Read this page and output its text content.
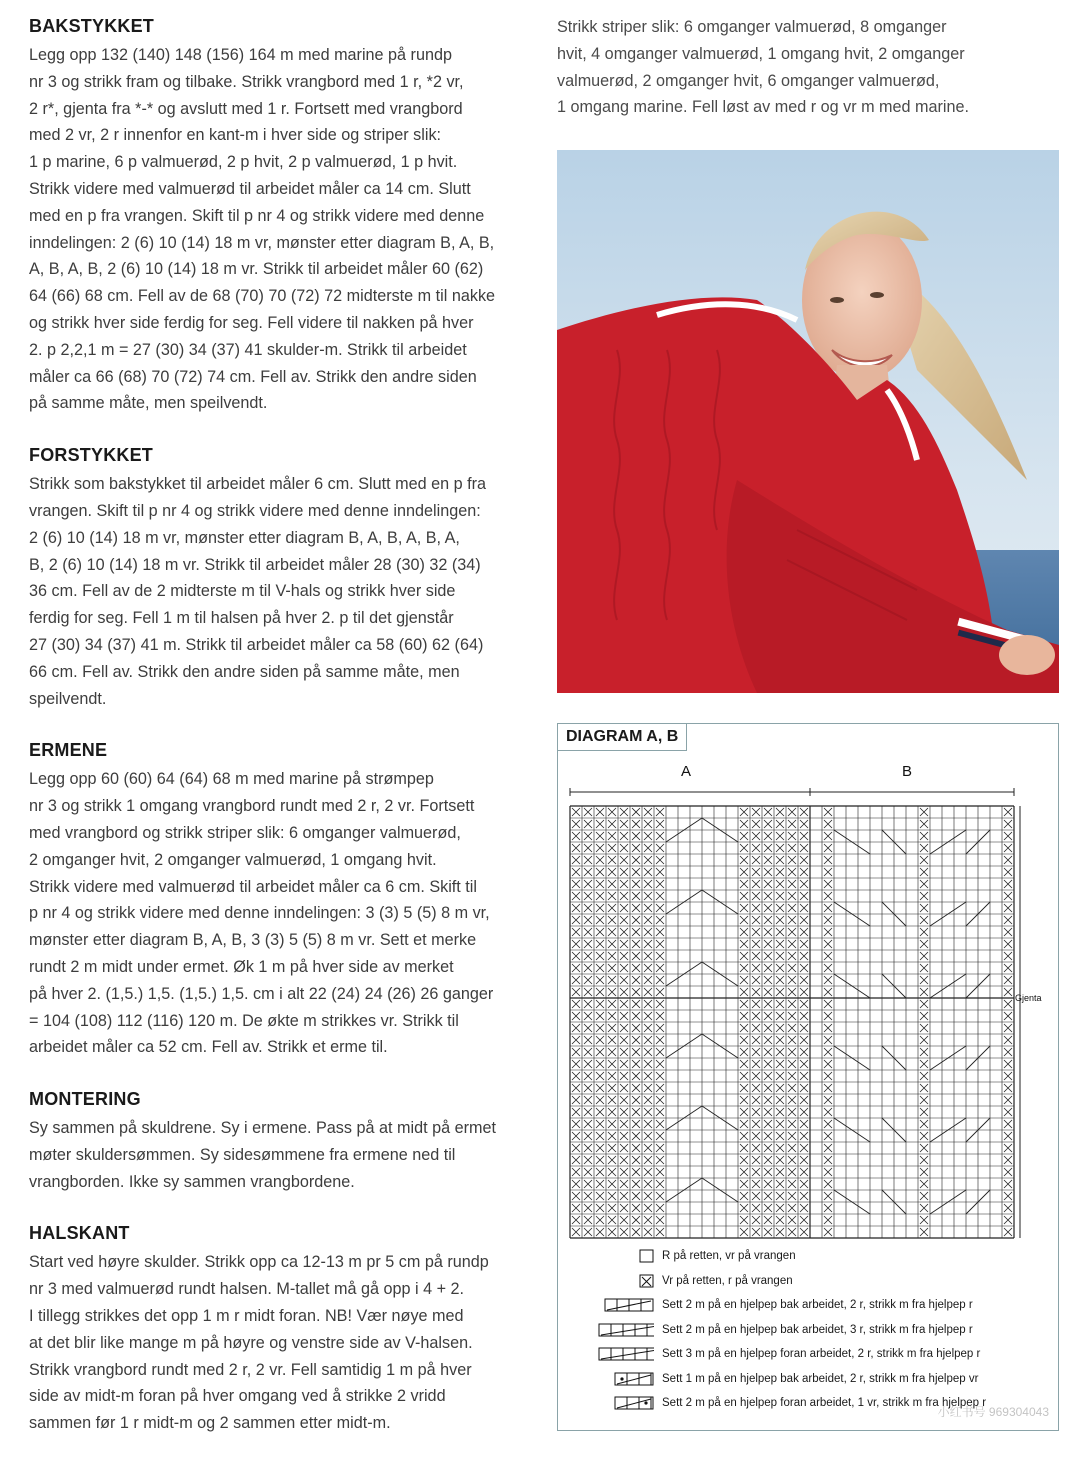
BAKSTYKKET
Legg opp 132 (140) 148 (156) 164 m med marine på rundp
nr 3 og strikk fram og tilbake. Strikk vrangbord med 1 r, *2 vr,
2 r*, gjenta fra *-* og avslutt med 1 r. Fortsett med vrangbord
med 2 vr, 2 r innenfor en kant-m i hver side og striper slik:
1 p marine, 6 p valmuerød, 2 p hvit, 2 p valmuerød, 1 p hvit.
Strikk videre med valmuerød til arbeidet måler ca 14 cm. Slutt
med en p fra vrangen. Skift til p nr 4 og strikk videre med denne
inndelingen: 2 (6) 10 (14) 18 m vr, mønster etter diagram B, A, B,
A, B, A, B, 2 (6) 10 (14) 18 m vr. Strikk til arbeidet måler 60 (62)
64 (66) 68 cm. Fell av de 68 (70) 70 (72) 72 midterste m til nakke
og strikk hver side ferdig for seg. Fell videre til nakken på hver
2. p 2,2,1 m = 27 (30) 34 (37) 41 skulder-m. Strikk til arbeidet
måler ca 66 (68) 70 (72) 74 cm. Fell av. Strikk den andre siden
på samme måte, men speilvendt.
FORSTYKKET
Strikk som bakstykket til arbeidet måler 6 cm. Slutt med en p fra
vrangen. Skift til p nr 4 og strikk videre med denne inndelingen:
2 (6) 10 (14) 18 m vr, mønster etter diagram B, A, B, A, B, A,
B, 2 (6) 10 (14) 18 m vr. Strikk til arbeidet måler 28 (30) 32 (34)
36 cm. Fell av de 2 midterste m til V-hals og strikk hver side
ferdig for seg. Fell 1 m til halsen på hver 2. p til det gjenstår
27 (30) 34 (37) 41 m. Strikk til arbeidet måler ca 58 (60) 62 (64)
66 cm. Fell av. Strikk den andre siden på samme måte, men
speilvendt.
ERMENE
Legg opp 60 (60) 64 (64) 68 m med marine på strømpep
nr 3 og strikk 1 omgang vrangbord rundt med 2 r, 2 vr. Fortsett
med vrangbord og strikk striper slik: 6 omganger valmuerød,
2 omganger hvit, 2 omganger valmuerød, 1 omgang hvit.
Strikk videre med valmuerød til arbeidet måler ca 6 cm. Skift til
p nr 4 og strikk videre med denne inndelingen: 3 (3) 5 (5) 8 m vr,
mønster etter diagram B, A, B, 3 (3) 5 (5) 8 m vr. Sett et merke
rundt 2 m midt under ermet. Øk 1 m på hver side av merket
på hver 2. (1,5.) 1,5. (1,5.) 1,5. cm i alt 22 (24) 24 (26) 26 ganger
= 104 (108) 112 (116) 120 m. De økte m strikkes vr. Strikk til
arbeidet måler ca 52 cm. Fell av. Strikk et erme til.
MONTERING
Sy sammen på skuldrene. Sy i ermene. Pass på at midt på ermet
møter skuldersømmen. Sy sidesømmene fra ermene ned til
vrangborden. Ikke sy sammen vrangbordene.
HALSKANT
Start ved høyre skulder. Strikk opp ca 12-13 m pr 5 cm på rundp
nr 3 med valmuerød rundt halsen. M-tallet må gå opp i 4 + 2.
I tillegg strikkes det opp 1 m r midt foran. NB! Vær nøye med
at det blir like mange m på høyre og venstre side av V-halsen.
Strikk vrangbord rundt med 2 r, 2 vr. Fell samtidig 1 m på hver
side av midt-m foran på hver omgang ved å strikke 2 vridd
sammen før 1 r midt-m og 2 sammen etter midt-m.
Strikk striper slik: 6 omganger valmuerød, 8 omganger
hvit, 4 omganger valmuerød, 1 omgang hvit, 2 omganger
valmuerød, 2 omganger hvit, 6 omganger valmuerød,
1 omgang marine. Fell løst av med r og vr m med marine.
DIAGRAM A, B
A	B
Gjenta
R på retten, vr på vrangen
Vr på retten, r på vrangen
Sett 2 m på en hjelpep bak arbeidet, 2 r, strikk m fra hjelpep r
Sett 2 m på en hjelpep bak arbeidet, 3 r, strikk m fra hjelpep r
Sett 3 m på en hjelpep foran arbeidet, 2 r, strikk m fra hjelpep r
Sett 1 m på en hjelpep bak arbeidet, 2 r, strikk m fra hjelpep vr
Sett 2 m på en hjelpep foran arbeidet, 1 vr, strikk m fra hjelpep r
小红书号 969304043
